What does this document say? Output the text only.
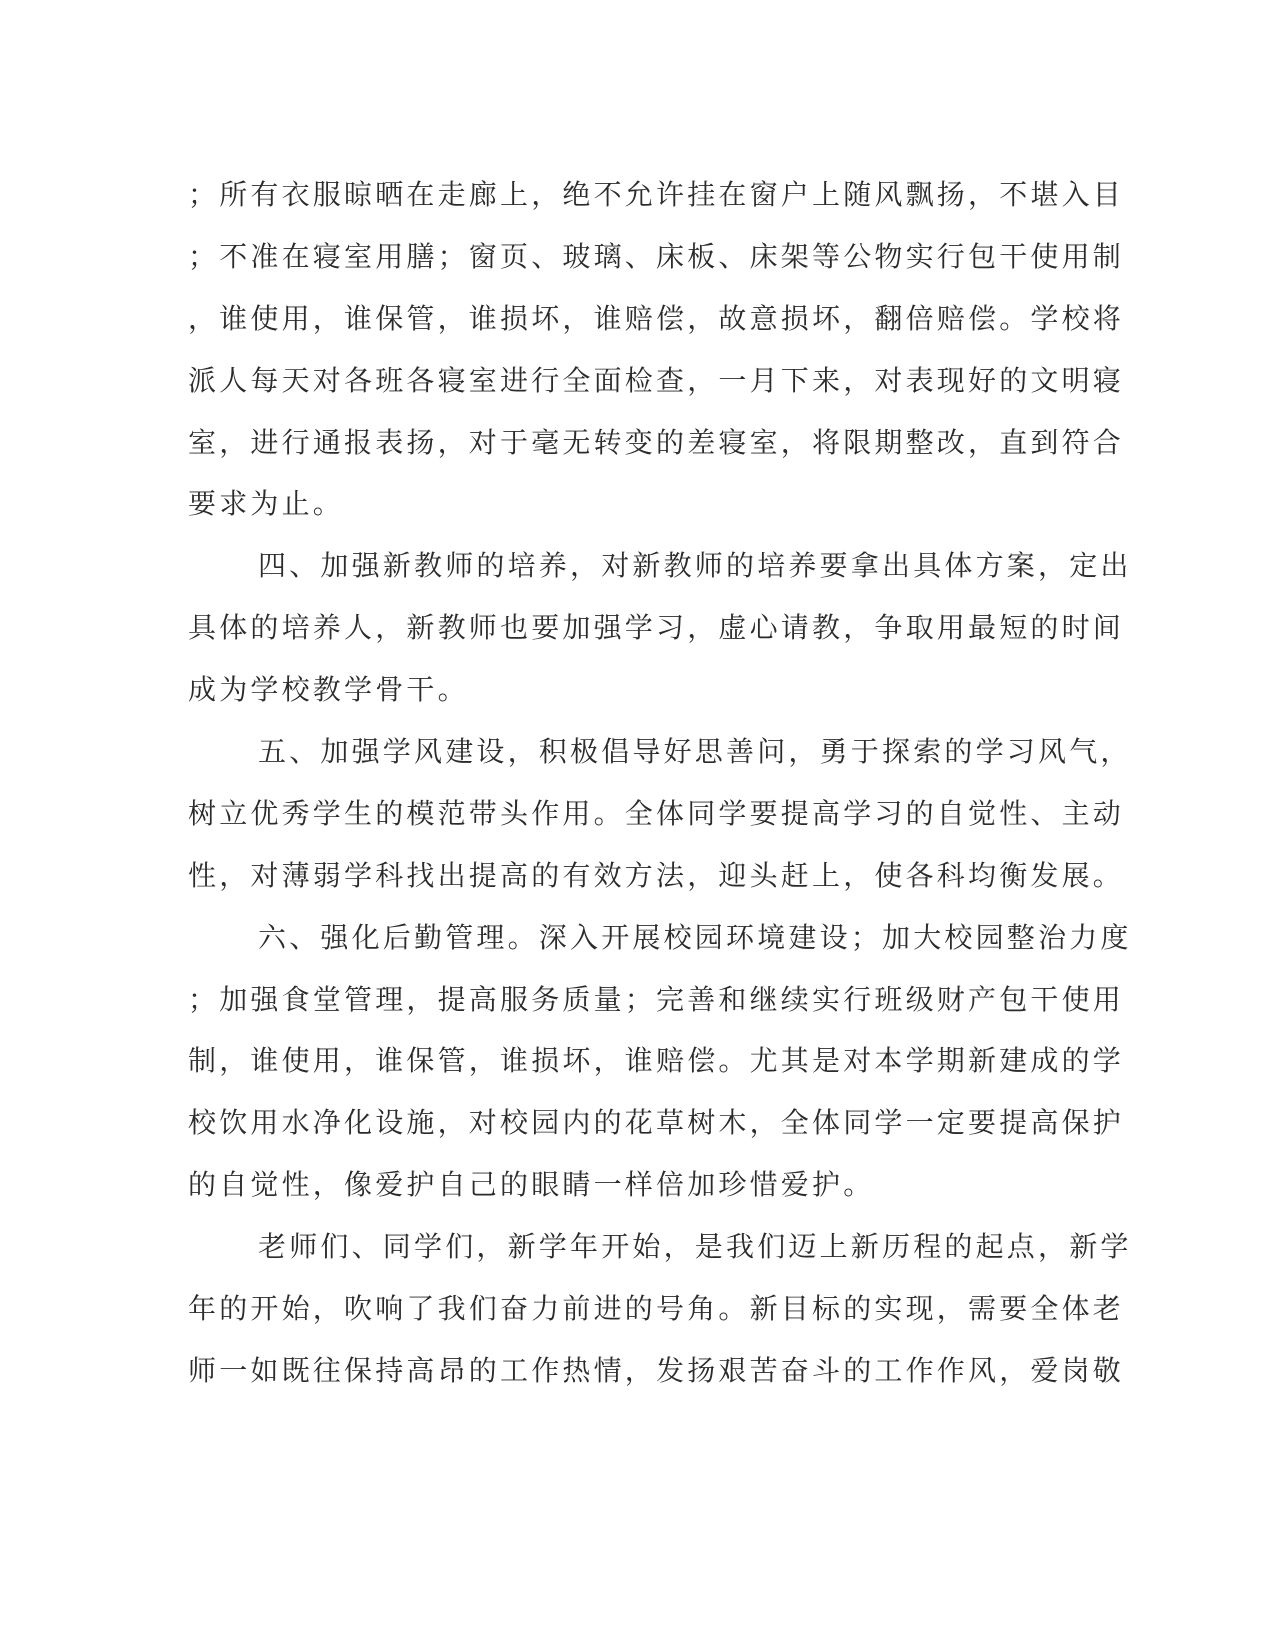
；所有衣服晾晒在走廊上，绝不允许挂在窗户上随风飘扬，不堪入目
；不准在寝室用膳；窗页、玻璃、床板、床架等公物实行包干使用制
，谁使用，谁保管，谁损坏，谁赔偿，故意损坏，翻倍赔偿。学校将
派人每天对各班各寝室进行全面检查，一月下来，对表现好的文明寝
室，进行通报表扬，对于毫无转变的差寝室，将限期整改，直到符合
要求为止。
四、加强新教师的培养，对新教师的培养要拿出具体方案，定出
具体的培养人，新教师也要加强学习，虚心请教，争取用最短的时间
成为学校教学骨干。
五、加强学风建设，积极倡导好思善问，勇于探索的学习风气，
树立优秀学生的模范带头作用。全体同学要提高学习的自觉性、主动
性，对薄弱学科找出提高的有效方法，迎头赶上，使各科均衡发展。
六、强化后勤管理。深入开展校园环境建设；加大校园整治力度
；加强食堂管理，提高服务质量；完善和继续实行班级财产包干使用
制，谁使用，谁保管，谁损坏，谁赔偿。尤其是对本学期新建成的学
校饮用水净化设施，对校园内的花草树木，全体同学一定要提高保护
的自觉性，像爱护自己的眼睛一样倍加珍惜爱护。
老师们、同学们，新学年开始，是我们迈上新历程的起点，新学
年的开始，吹响了我们奋力前进的号角。新目标的实现，需要全体老
师一如既往保持高昂的工作热情，发扬艰苦奋斗的工作作风，爱岗敬
